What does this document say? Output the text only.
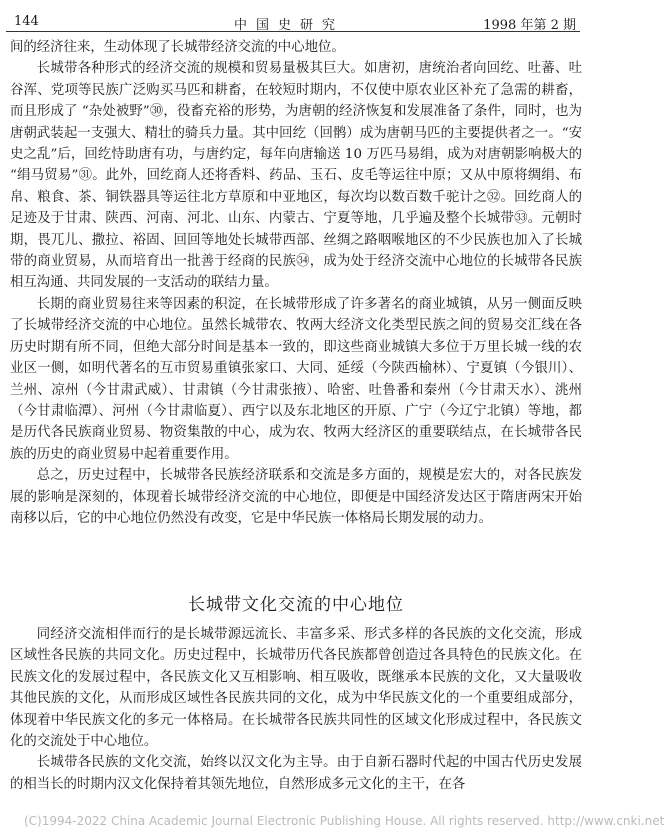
144	中国史研究	1998 年第 2 期

间的经济往来，生动体现了长城带经济交流的中心地位。

长城带各种形式的经济交流的规模和贸易量极其巨大。如唐初，唐统治者向回纥、吐蕃、吐谷浑、党项等民族广泛购买马匹和耕畜，在较短时期内，不仅使中原农业区补充了急需的耕畜，而且形成了 “杂处被野”㉚，役畜充裕的形势，为唐朝的经济恢复和发展准备了条件，同时，也为唐朝武装起一支强大、精壮的骑兵力量。其中回纥（回鹘）成为唐朝马匹的主要提供者之一。“安史之乱”后，回纥恃助唐有功，与唐约定，每年向唐输送 10 万匹马易绢，成为对唐朝影响极大的 “绢马贸易”㉛。此外，回纥商人还将香料、药品、玉石、皮毛等运往中原；又从中原将绸绢、布帛、粮食、茶、铜铁器具等运往北方草原和中亚地区，每次均以数百数千驼计之㉜。回纥商人的足迹及于甘肃、陕西、河南、河北、山东、内蒙古、宁夏等地，几乎遍及整个长城带㉝。元朝时期，畏兀儿、撒拉、裕固、回回等地处长城带西部、丝绸之路咽喉地区的不少民族也加入了长城带的商业贸易，从而培育出一批善于经商的民族㉞，成为处于经济交流中心地位的长城带各民族相互沟通、共同发展的一支活动的联结力量。

长期的商业贸易往来等因素的积淀，在长城带形成了许多著名的商业城镇，从另一侧面反映了长城带经济交流的中心地位。虽然长城带农、牧两大经济文化类型民族之间的贸易交汇线在各历史时期有所不同，但绝大部分时间是基本一致的，即这些商业城镇大多位于万里长城一线的农业区一侧，如明代著名的互市贸易重镇张家口、大同、延绥（今陕西榆林）、宁夏镇（今银川）、兰州、凉州（今甘肃武威）、甘肃镇（今甘肃张掖）、哈密、吐鲁番和秦州（今甘肃天水）、洮州（今甘肃临潭）、河州（今甘肃临夏）、西宁以及东北地区的开原、广宁（今辽宁北镇）等地，都是历代各民族商业贸易、物资集散的中心，成为农、牧两大经济区的重要联结点，在长城带各民族的历史的商业贸易中起着重要作用。

总之，历史过程中，长城带各民族经济联系和交流是多方面的，规模是宏大的，对各民族发展的影响是深刻的，体现着长城带经济交流的中心地位，即便是中国经济发达区于隋唐两宋开始南移以后，它的中心地位仍然没有改变，它是中华民族一体格局长期发展的动力。

长城带文化交流的中心地位

同经济交流相伴而行的是长城带源远流长、丰富多采、形式多样的各民族的文化交流，形成区域性各民族的共同文化。历史过程中，长城带历代各民族都曾创造过各具特色的民族文化。在民族文化的发展过程中，各民族文化又互相影响、相互吸收，既继承本民族的文化，又大量吸收其他民族的文化，从而形成区域性各民族共同的文化，成为中华民族文化的一个重要组成部分，体现着中华民族文化的多元一体格局。在长城带各民族共同性的区域文化形成过程中，各民族文化的交流处于中心地位。

长城带各民族的文化交流，始终以汉文化为主导。由于自新石器时代起的中国古代历史发展的相当长的时期内汉文化保持着其领先地位，自然形成多元文化的主干，在各

(C)1994-2022 China Academic Journal Electronic Publishing House. All rights reserved. http://www.cnki.net
